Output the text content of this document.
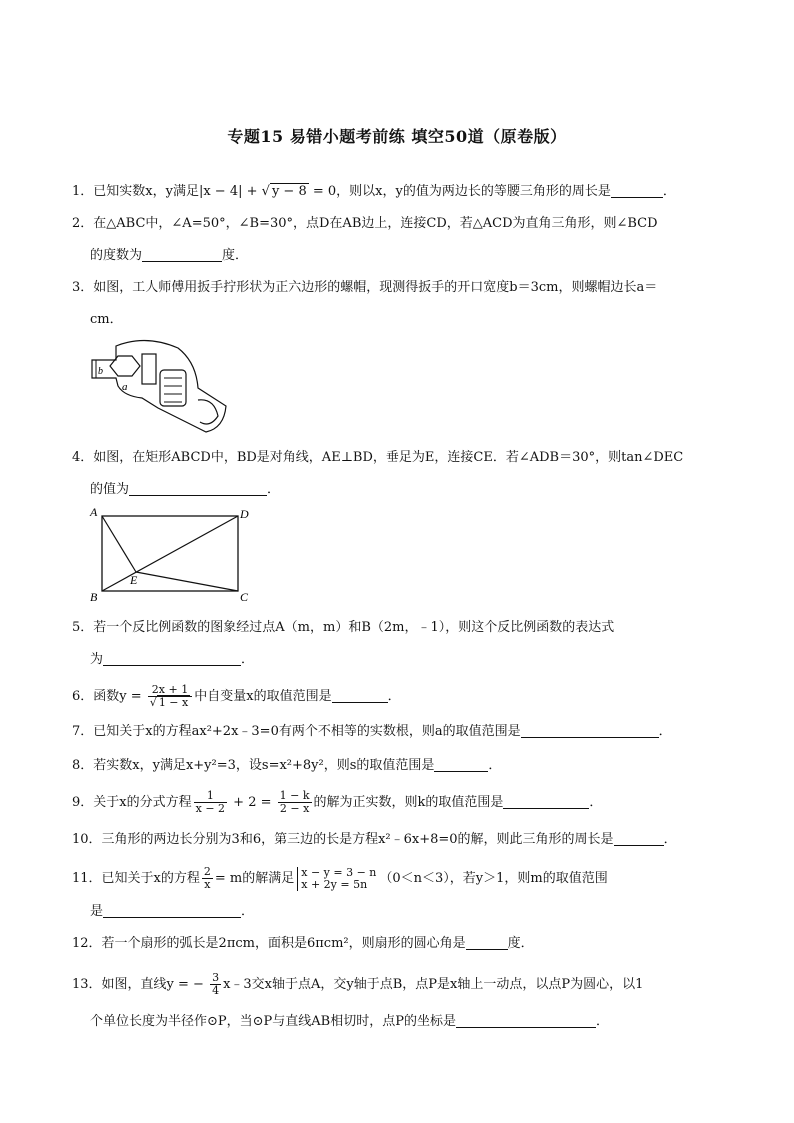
专题15 易错小题考前练 填空50道（原卷版）
1．已知实数x，y满足|x − 4| + √ y − 8 = 0，则以x，y的值为两边长的等腰三角形的周长是	．
2．在△ABC中，∠A=50°，∠B=30°，点D在AB边上，连接CD，若△ACD为直角三角形，则∠BCD
的度数为	度．
3．如图，工人师傅用扳手拧形状为正六边形的螺帽，现测得扳手的开口宽度b＝3cm，则螺帽边长a＝
cm．
b
a
4．如图，在矩形ABCD中，BD是对角线，AE⊥BD，垂足为E，连接CE．若∠ADB＝30°，则tan∠DEC
的值为	．
A	D
B	C
E
5．若一个反比例函数的图象经过点A（m，m）和B（2m，﹣1），则这个反比例函数的表达式
为	．
6．函数$y = \frac{2x + 1}{√ 1 - x}$ 中自变量x的取值范围是	．
7．已知关于x的方程ax²+2x﹣3=0有两个不相等的实数根，则a的取值范围是	．
8．若实数x，y满足x+y²=3，设s=x²+8y²，则s的取值范围是	．
9．关于x的分式方程 $\frac{1}{x - 2} + 2 = \frac{1 - k}{2 - x}$ 的解为正实数，则k的取值范围是	．
10．三角形的两边长分别为3和6，第三边的长是方程x²﹣6x+8=0的解，则此三角形的周长是	．
11．已知关于x的方程 $\frac{2}{x} = m$的解满足 x − y = 3 − n
x + 2y = 5n （0＜n＜3），若y＞1，则m的取值范围
是	．
12．若一个扇形的弧长是2πcm，面积是6πcm²，则扇形的圆心角是	度．
13．如图，直线y = − $\frac{3}{4}$ x﹣3交x轴于点A，交y轴于点B，点P是x轴上一动点，以点P为圆心，以1
个单位长度为半径作⊙P，当⊙P与直线AB相切时，点P的坐标是	．
